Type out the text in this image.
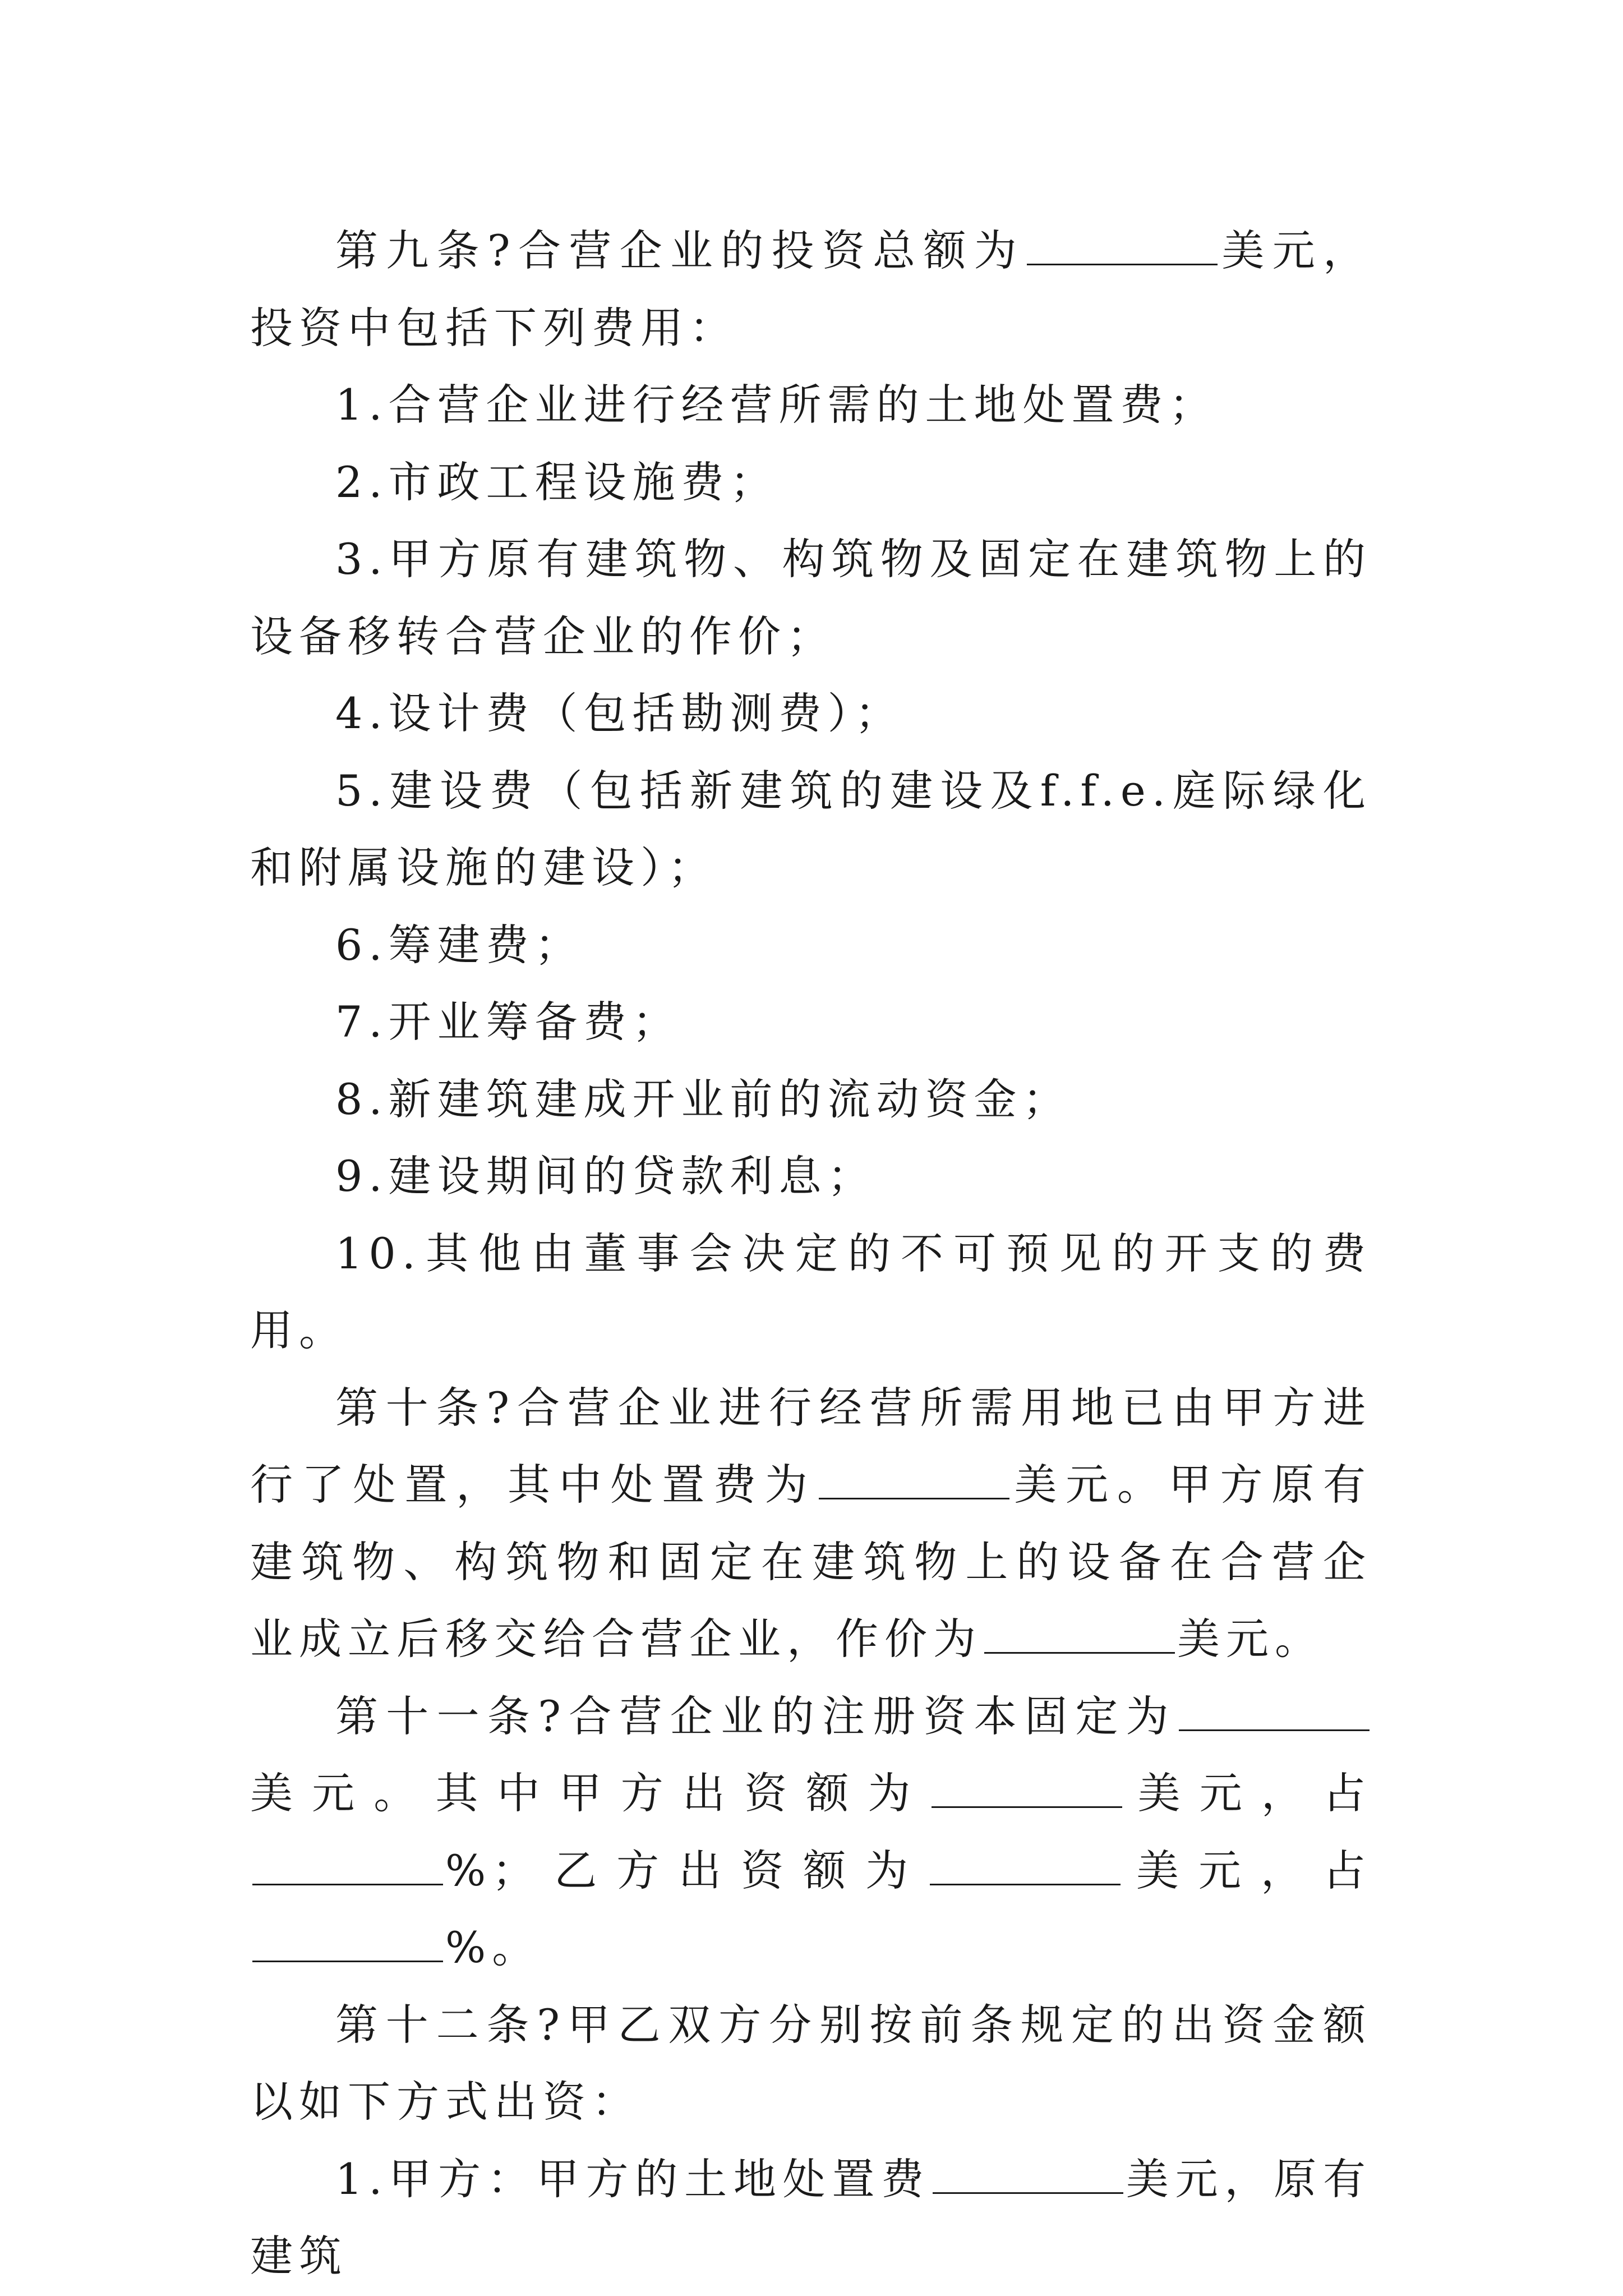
第九条?合营企业的投资总额为	美元，投资中包括下列费用：

1.合营企业进行经营所需的土地处置费；

2.市政工程设施费；

3.甲方原有建筑物、构筑物及固定在建筑物上的设备移转合营企业的作价；

4.设计费（包括勘测费）；

5.建设费（包括新建筑的建设及f.f.e.庭际绿化和附属设施的建设）；

6.筹建费；

7.开业筹备费；

8.新建筑建成开业前的流动资金；

9.建设期间的贷款利息；

10.其他由董事会决定的不可预见的开支的费用。

第十条?合营企业进行经营所需用地已由甲方进行了处置，其中处置费为	美元。甲方原有建筑物、构筑物和固定在建筑物上的设备在合营企业成立后移交给合营企业，作价为	美元。

第十一条?合营企业的注册资本固定为美元。其中甲方出资额为	美元，占%；乙方出资额为	美元，占%。

第十二条?甲乙双方分别按前条规定的出资金额以如下方式出资：

1.甲方：甲方的土地处置费	美元，原有建筑
